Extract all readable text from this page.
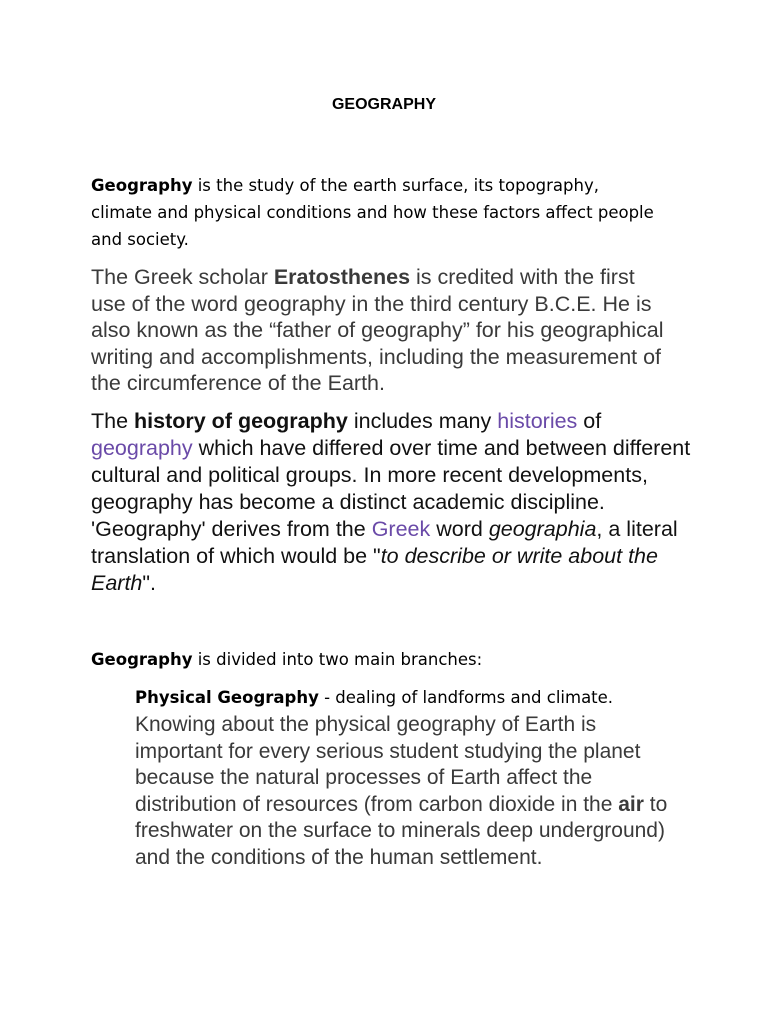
GEOGRAPHY

Geography is the study of the earth surface, its topography, climate and physical conditions and how these factors affect people and society.

The Greek scholar Eratosthenes is credited with the first use of the word geography in the third century B.C.E. He is also known as the “father of geography” for his geographical writing and accomplishments, including the measurement of the circumference of the Earth.

The history of geography includes many histories of geography which have differed over time and between different cultural and political groups. In more recent developments, geography has become a distinct academic discipline. 'Geography' derives from the Greek word geographia, a literal translation of which would be "to describe or write about the Earth".

Geography is divided into two main branches:

Physical Geography - dealing of landforms and climate.

Knowing about the physical geography of Earth is important for every serious student studying the planet because the natural processes of Earth affect the distribution of resources (from carbon dioxide in the air to freshwater on the surface to minerals deep underground) and the conditions of the human settlement.
